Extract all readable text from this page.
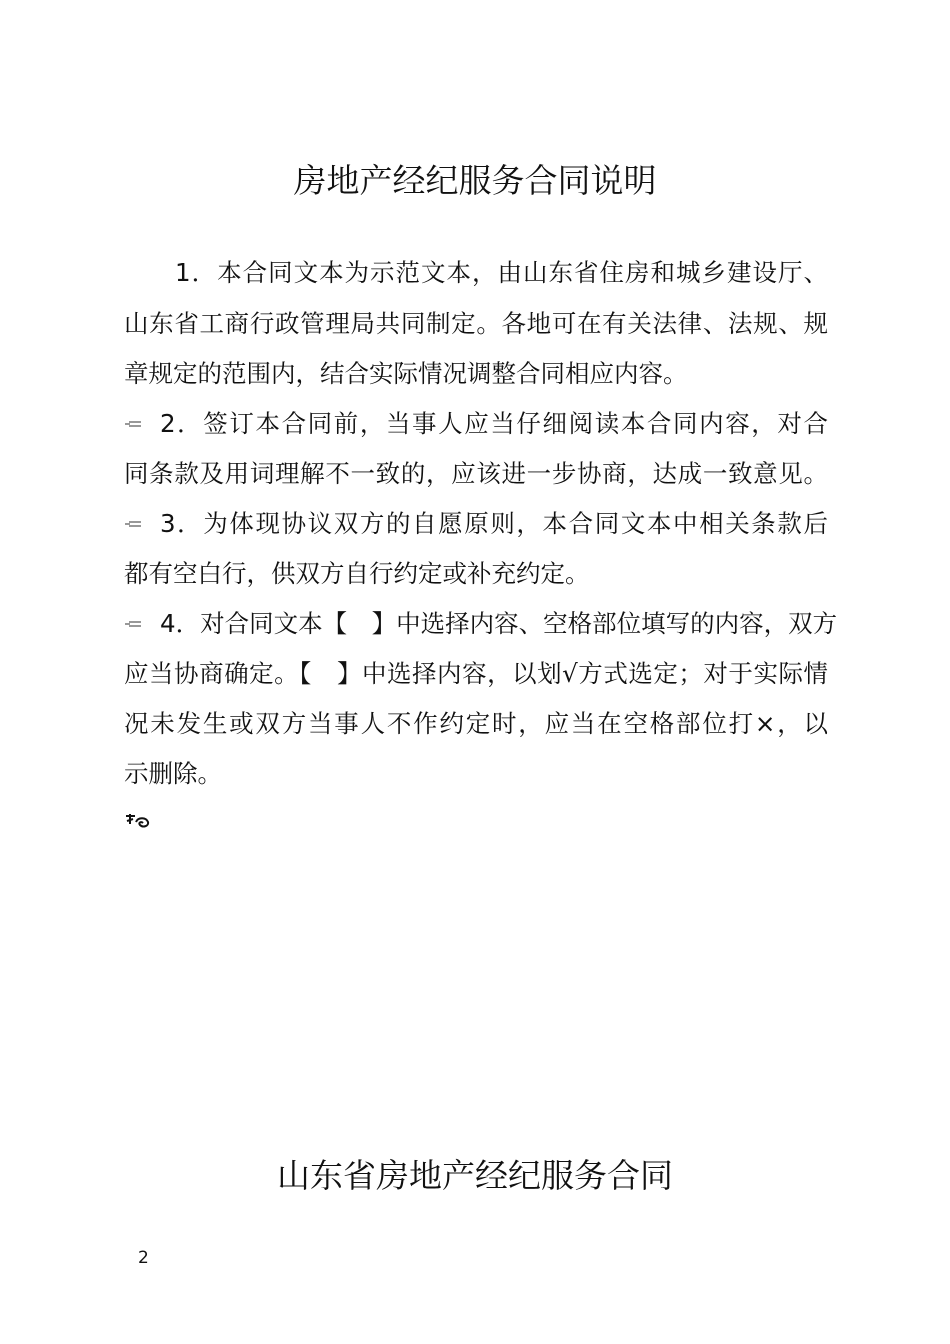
房地产经纪服务合同说明
1．本合同文本为示范文本，由山东省住房和城乡建设厅、
山东省工商行政管理局共同制定。各地可在有关法律、法规、规
章规定的范围内，结合实际情况调整合同相应内容。
2．签订本合同前，当事人应当仔细阅读本合同内容，对合
同条款及用词理解不一致的，应该进一步协商，达成一致意见。
3．为体现协议双方的自愿原则，本合同文本中相关条款后
都有空白行，供双方自行约定或补充约定。
4．对合同文本【　】中选择内容、空格部位填写的内容，双方
应当协商确定。【　】中选择内容，以划√方式选定；对于实际情
况未发生或双方当事人不作约定时，应当在空格部位打×，以
示删除。
山东省房地产经纪服务合同
2
